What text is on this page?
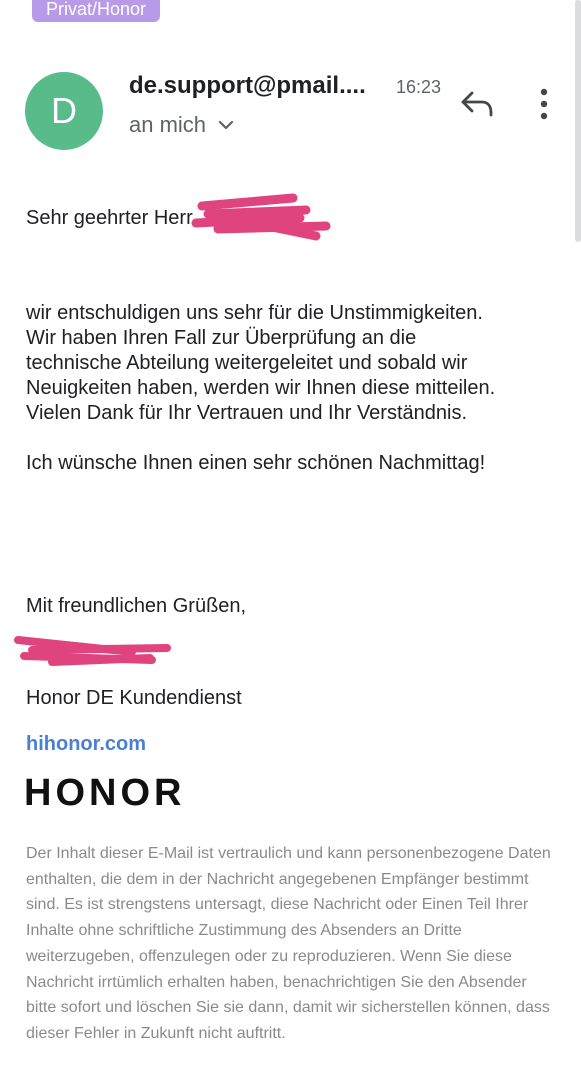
Privat/Honor
D
de.support@pmail.... 16:23
an mich
Sehr geehrter Herr
wir entschuldigen uns sehr für die Unstimmigkeiten.
Wir haben Ihren Fall zur Überprüfung an die
technische Abteilung weitergeleitet und sobald wir
Neuigkeiten haben, werden wir Ihnen diese mitteilen.
Vielen Dank für Ihr Vertrauen und Ihr Verständnis.
Ich wünsche Ihnen einen sehr schönen Nachmittag!
Mit freundlichen Grüßen,
Honor DE Kundendienst
hihonor.com
HONOR
Der Inhalt dieser E-Mail ist vertraulich und kann personenbezogene Daten enthalten, die dem in der Nachricht angegebenen Empfänger bestimmt sind. Es ist strengstens untersagt, diese Nachricht oder Einen Teil Ihrer Inhalte ohne schriftliche Zustimmung des Absenders an Dritte weiterzugeben, offenzulegen oder zu reproduzieren. Wenn Sie diese Nachricht irrtümlich erhalten haben, benachrichtigen Sie den Absender bitte sofort und löschen Sie sie dann, damit wir sicherstellen können, dass dieser Fehler in Zukunft nicht auftritt.
